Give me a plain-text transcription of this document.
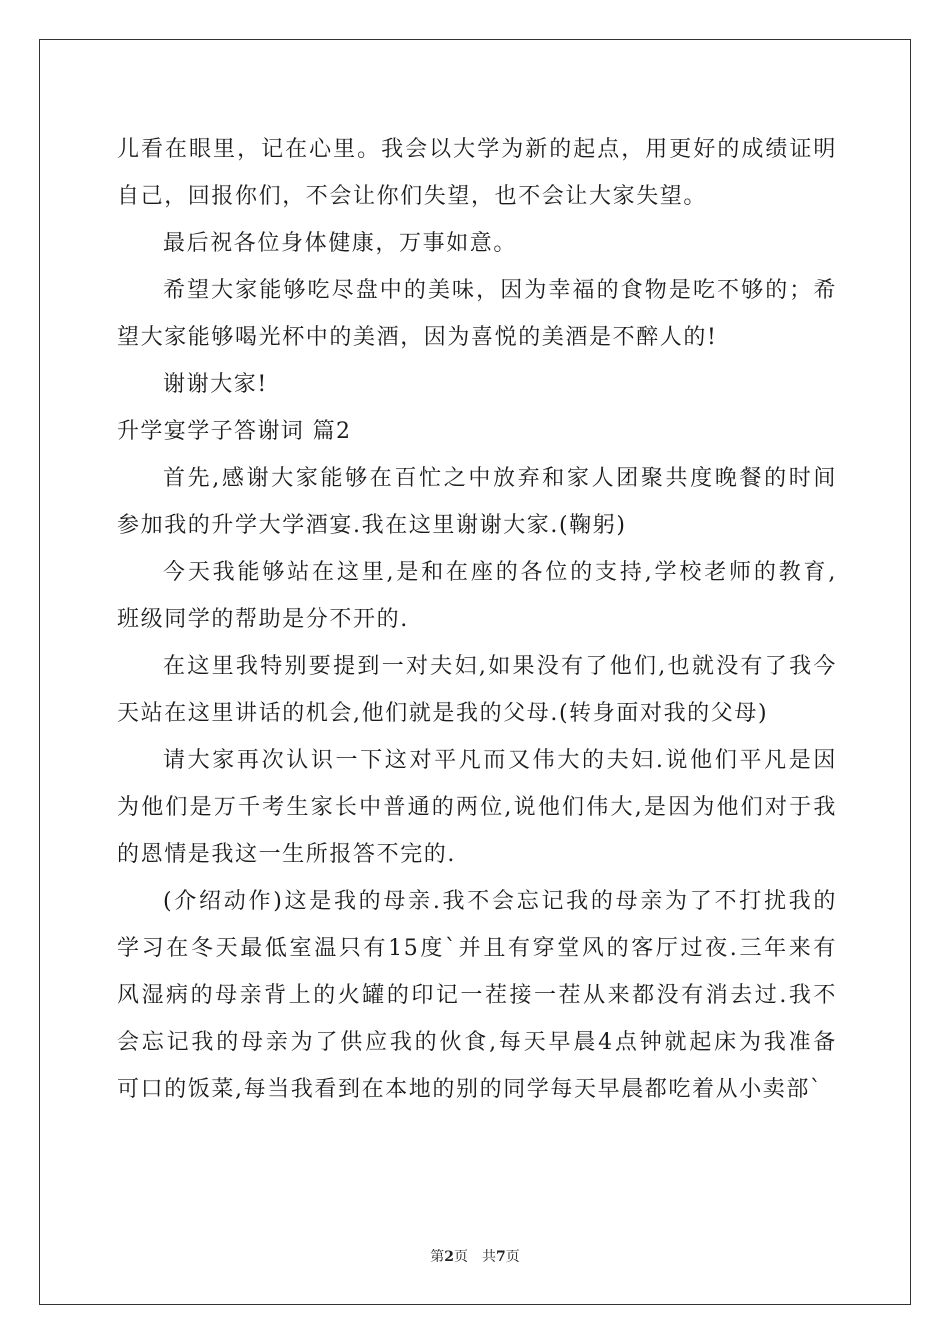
儿看在眼里，记在心里。我会以大学为新的起点，用更好的成绩证明
自己，回报你们，不会让你们失望，也不会让大家失望。
最后祝各位身体健康，万事如意。
希望大家能够吃尽盘中的美味，因为幸福的食物是吃不够的；希
望大家能够喝光杯中的美酒，因为喜悦的美酒是不醉人的!
谢谢大家!
升学宴学子答谢词 篇2
首先,感谢大家能够在百忙之中放弃和家人团聚共度晚餐的时间
参加我的升学大学酒宴.我在这里谢谢大家.(鞠躬)
今天我能够站在这里,是和在座的各位的支持,学校老师的教育,
班级同学的帮助是分不开的.
在这里我特别要提到一对夫妇,如果没有了他们,也就没有了我今
天站在这里讲话的机会,他们就是我的父母.(转身面对我的父母)
请大家再次认识一下这对平凡而又伟大的夫妇.说他们平凡是因
为他们是万千考生家长中普通的两位,说他们伟大,是因为他们对于我
的恩情是我这一生所报答不完的.
(介绍动作)这是我的母亲.我不会忘记我的母亲为了不打扰我的
学习在冬天最低室温只有15度`并且有穿堂风的客厅过夜.三年来有
风湿病的母亲背上的火罐的印记一茬接一茬从来都没有消去过.我不
会忘记我的母亲为了供应我的伙食,每天早晨4点钟就起床为我准备
可口的饭菜,每当我看到在本地的别的同学每天早晨都吃着从小卖部`
第2页　共7页
